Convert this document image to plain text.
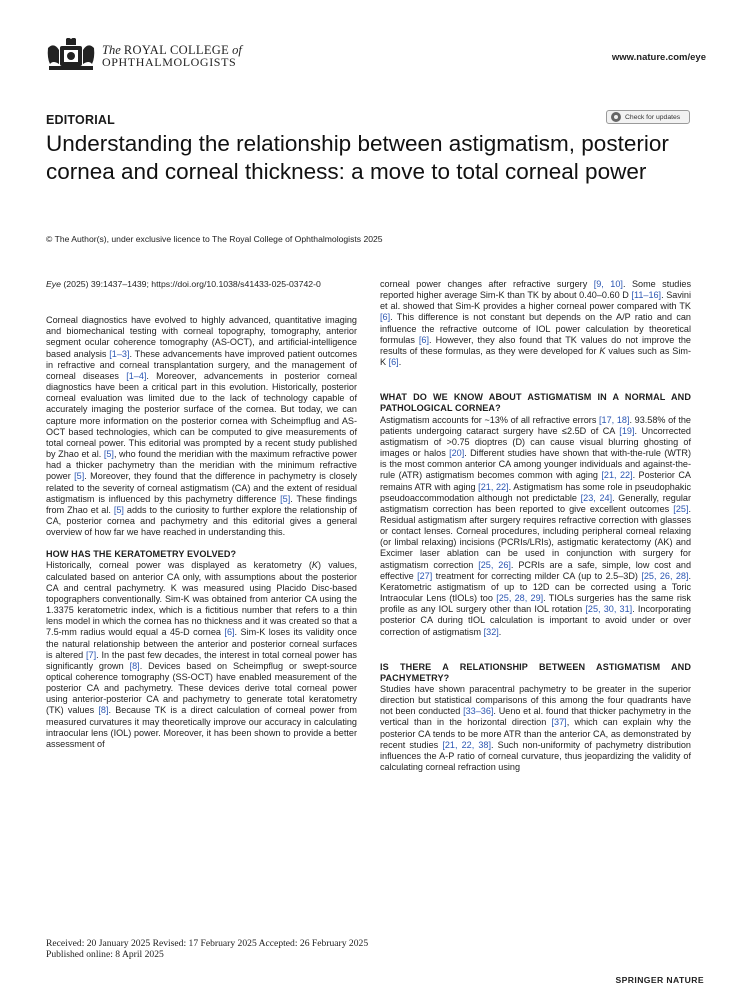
The ROYAL COLLEGE of
OPHTHALMOLOGISTS	www.nature.com/eye
EDITORIAL	Check for updates
Understanding the relationship between astigmatism, posterior cornea and corneal thickness: a move to total corneal power
© The Author(s), under exclusive licence to The Royal College of Ophthalmologists 2025

Eye (2025) 39:1437–1439; https://doi.org/10.1038/s41433-025-03742-0

Corneal diagnostics have evolved to highly advanced, quantitative imaging and biomechanical testing with corneal topography, tomography, anterior segment ocular coherence tomography (AS-OCT), and artificial-intelligence based analysis [1–3]. These advancements have improved patient outcomes in refractive and corneal transplantation surgery, and the management of corneal diseases [1–4]. Moreover, advancements in posterior corneal diagnostics have been a critical part in this evolution. Historically, posterior corneal evaluation was limited due to the lack of technology capable of accurately imaging the posterior surface of the cornea. But today, we can capture more information on the posterior cornea with Scheimpflug and AS-OCT based technologies, which can be computed to give measurements of total corneal power. This editorial was prompted by a recent study published by Zhao et al. [5], who found the meridian with the maximum refractive power had a thicker pachymetry than the meridian with the minimum refractive power [5]. Moreover, they found that the difference in pachymetry is closely related to the severity of corneal astigmatism (CA) and the extent of residual astigmatism is influenced by this pachymetry difference [5]. These findings from Zhao et al. [5] adds to the curiosity to further explore the relationship of CA, posterior cornea and pachymetry and this editorial gives a general overview of how far we have reached in understanding this.

HOW HAS THE KERATOMETRY EVOLVED?

Historically, corneal power was displayed as keratometry (K) values, calculated based on anterior CA only, with assumptions about the posterior CA and central pachymetry. K was measured using Placido Disc-based topographers conventionally. Sim-K was obtained from anterior CA using the 1.3375 keratometric index, which is a fictitious number that refers to a thin lens model in which the cornea has no thickness and it was created so that a 7.5-mm radius would equal a 45-D cornea [6]. Sim-K loses its validity once the natural relationship between the anterior and posterior corneal surfaces is altered [7]. In the past few decades, the interest in total corneal power has significantly grown [8]. Devices based on Scheimpflug or swept-source optical coherence tomography (SS-OCT) have enabled measurement of the posterior CA and pachymetry. These devices derive total corneal power using anterior-posterior CA and pachymetry to generate total keratometry (TK) values [8]. Because TK is a direct calculation of corneal power from measured curvatures it may theoretically improve our accuracy in calculating intraocular lens (IOL) power. Moreover, it has been shown to provide a better assessment of

corneal power changes after refractive surgery [9, 10]. Some studies reported higher average Sim-K than TK by about 0.40–0.60 D [11–16]. Savini et al. showed that Sim-K provides a higher corneal power compared with TK [6]. This difference is not constant but depends on the A/P ratio and can influence the refractive outcome of IOL power calculation by theoretical formulas [6]. However, they also found that TK values do not improve the results of these formulas, as they were developed for K values such as Sim-K [6].

WHAT DO WE KNOW ABOUT ASTIGMATISM IN A NORMAL AND PATHOLOGICAL CORNEA?

Astigmatism accounts for ~13% of all refractive errors [17, 18]. 93.58% of the patients undergoing cataract surgery have ≤2.5D of CA [19]. Uncorrected astigmatism of >0.75 dioptres (D) can cause visual blurring ghosting of images or halos [20]. Different studies have shown that with-the-rule (WTR) is the most common anterior CA among younger individuals and against-the-rule (ATR) astigmatism becomes common with aging [21, 22]. Posterior CA remains ATR with aging [21, 22]. Astigmatism has some role in pseudophakic pseudoaccommodation although not predictable [23, 24]. Generally, regular astigmatism correction has been reported to give excellent outcomes [25]. Residual astigmatism after surgery requires refractive correction with glasses or contact lenses. Corneal procedures, including peripheral corneal relaxing (or limbal relaxing) incisions (PCRIs/LRIs), astigmatic keratectomy (AK) and Excimer laser ablation can be used in conjunction with surgery for astigmatism correction [25, 26]. PCRIs are a safe, simple, low cost and effective [27] treatment for correcting milder CA (up to 2.5–3D) [25, 26, 28]. Keratometric astigmatism of up to 12D can be corrected using a Toric Intraocular Lens (tIOLs) too [25, 28, 29]. TIOLs surgeries has the same risk profile as any IOL surgery other than IOL rotation [25, 30, 31]. Incorporating posterior CA during tIOL calculation is important to avoid under or over correction of astigmatism [32].

IS THERE A RELATIONSHIP BETWEEN ASTIGMATISM AND PACHYMETRY?

Studies have shown paracentral pachymetry to be greater in the superior direction but statistical comparisons of this among the four quadrants have not been conducted [33–36]. Ueno et al. found that thicker pachymetry in the vertical than in the horizontal direction [37], which can explain why the posterior CA tends to be more ATR than the anterior CA, as demonstrated by recent studies [21, 22, 38]. Such non-uniformity of pachymetry distribution influences the A-P ratio of corneal curvature, thus jeopardizing the validity of calculating corneal refraction using

Received: 20 January 2025 Revised: 17 February 2025 Accepted: 26 February 2025
Published online: 8 April 2025
SPRINGER NATURE
